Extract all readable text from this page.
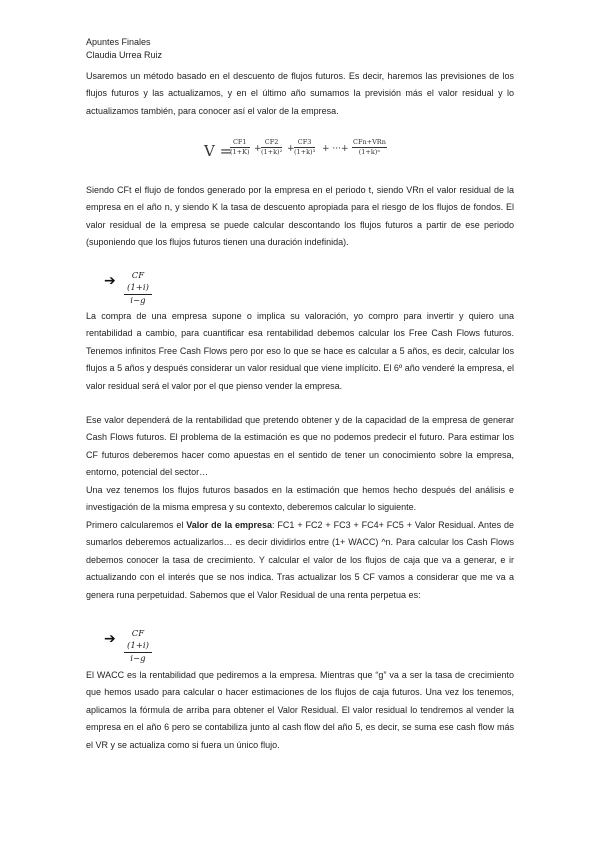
Apuntes Finales
Claudia Urrea Ruiz
Usaremos un método basado en el descuento de flujos futuros. Es decir, haremos las previsiones de los flujos futuros y las actualizamos, y en el último año sumamos la previsión más el valor residual y lo actualizamos también, para conocer así el valor de la empresa.
V =
$\frac{CF1}{(1+K)} + \frac{CF2}{\text{(1+k)²}} + \frac{CF3}{\text{(1+k)³}}$ + ···+
CFn+VRn
(1+k)ⁿ
Siendo CFt el flujo de fondos generado por la empresa en el periodo t, siendo VRn el valor residual de la empresa en el año n, y siendo K la tasa de descuento apropiada para el riesgo de los flujos de fondos. El valor residual de la empresa se puede calcular descontando los flujos futuros a partir de ese periodo (suponiendo que los flujos futuros tienen una duración indefinida).
➔	CF (1+i)
i−g
La compra de una empresa supone o implica su valoración, yo compro para invertir y quiero una rentabilidad a cambio, para cuantificar esa rentabilidad debemos calcular los Free Cash Flows futuros. Tenemos infinitos Free Cash Flows pero por eso lo que se hace es calcular a 5 años, es decir, calcular los flujos a 5 años y después considerar un valor residual que viene implícito. El 6º año venderé la empresa, el valor residual será el valor por el que pienso vender la empresa.
Ese valor dependerá de la rentabilidad que pretendo obtener y de la capacidad de la empresa de generar Cash Flows futuros. El problema de la estimación es que no podemos predecir el futuro. Para estimar los CF futuros deberemos hacer como apuestas en el sentido de tener un conocimiento sobre la empresa, entorno, potencial del sector…
Una vez tenemos los flujos futuros basados en la estimación que hemos hecho después del análisis e investigación de la misma empresa y su contexto, deberemos calcular lo siguiente.
Primero calcularemos el Valor de la empresa: FC1 + FC2 + FC3 + FC4+ FC5 + Valor Residual. Antes de sumarlos deberemos actualizarlos… es decir dividirlos entre (1+ WACC) ^n. Para calcular los Cash Flows debemos conocer la tasa de crecimiento. Y calcular el valor de los flujos de caja que va a generar, e ir actualizando con el interés que se nos indica. Tras actualizar los 5 CF vamos a considerar que me va a genera runa perpetuidad. Sabemos que el Valor Residual de una renta perpetua es:
➔	CF (1+i)
i−g
El WACC es la rentabilidad que pediremos a la empresa. Mientras que “g” va a ser la tasa de crecimiento que hemos usado para calcular o hacer estimaciones de los flujos de caja futuros. Una vez los tenemos, aplicamos la fórmula de arriba para obtener el Valor Residual. El valor residual lo tendremos al vender la empresa en el año 6 pero se contabiliza junto al cash flow del año 5, es decir, se suma ese cash flow más el VR y se actualiza como si fuera un único flujo.
